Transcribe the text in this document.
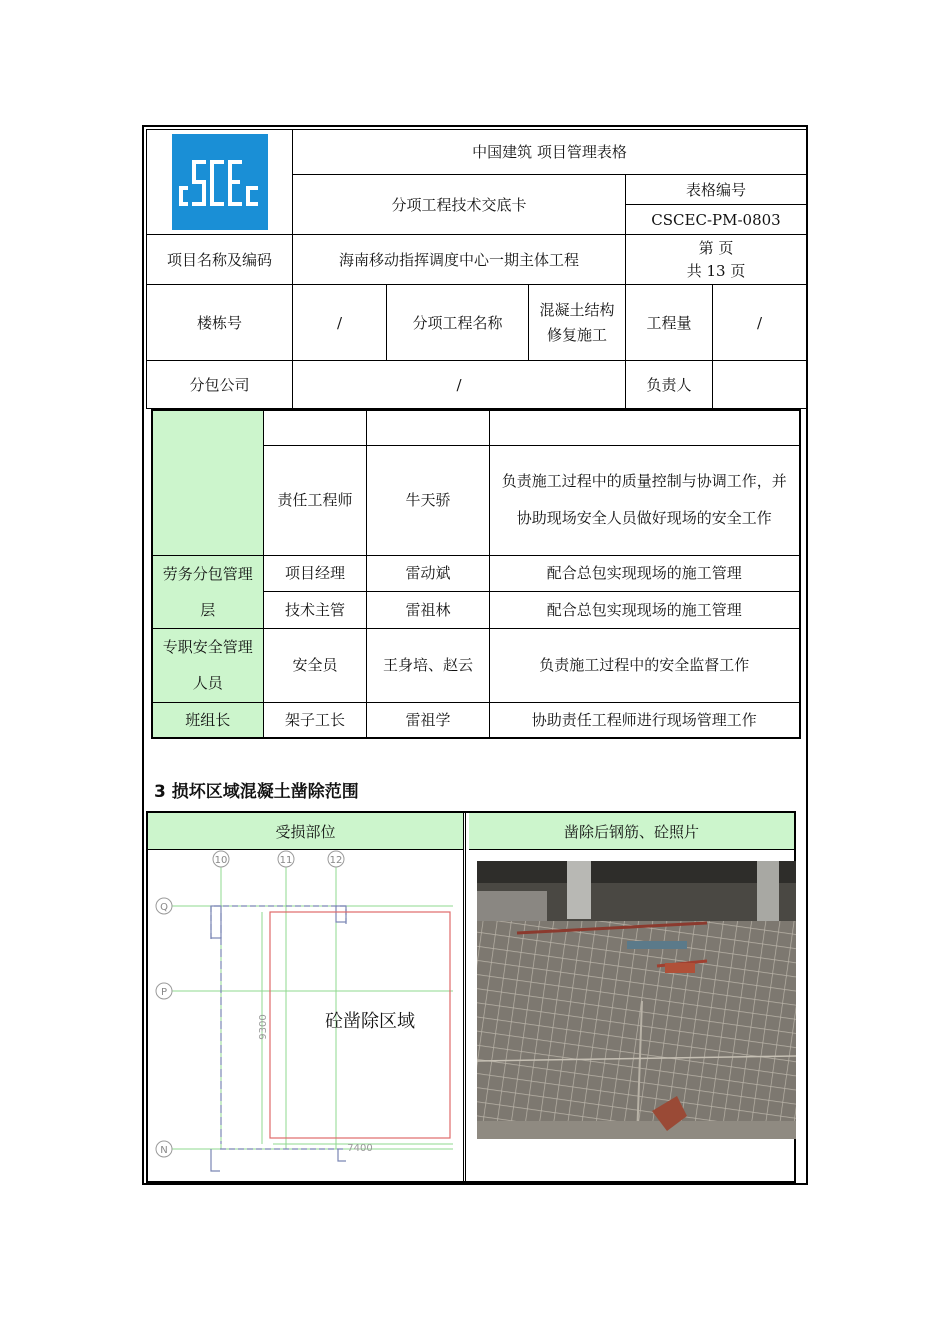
	中国建筑 项目管理表格				
	分项工程技术交底卡			表格编号	
				CSCEC-PM-0803	
项目名称及编码	海南移动指挥调度中心一期主体工程			第 页
共 13 页	

楼栋号	/	分项工程名称	混凝土结构修复施工	工程量	/
分包公司	/			负责人	

	责任工程师	牛天骄	负责施工过程中的质量控制与协调工作，并协助现场安全人员做好现场的安全工作
劳务分包管理层	项目经理	雷动斌	配合总包实现现场的施工管理
	技术主管	雷祖林	配合总包实现现场的施工管理
专职安全管理人员	安全员	王身培、赵云	负责施工过程中的安全监督工作
班组长	架子工长	雷祖学	协助责任工程师进行现场管理工作
3 损坏区域混凝土凿除范围
受损部位
10	11	12
Q
P
N
9300
7400
砼凿除区域
凿除后钢筋、砼照片
